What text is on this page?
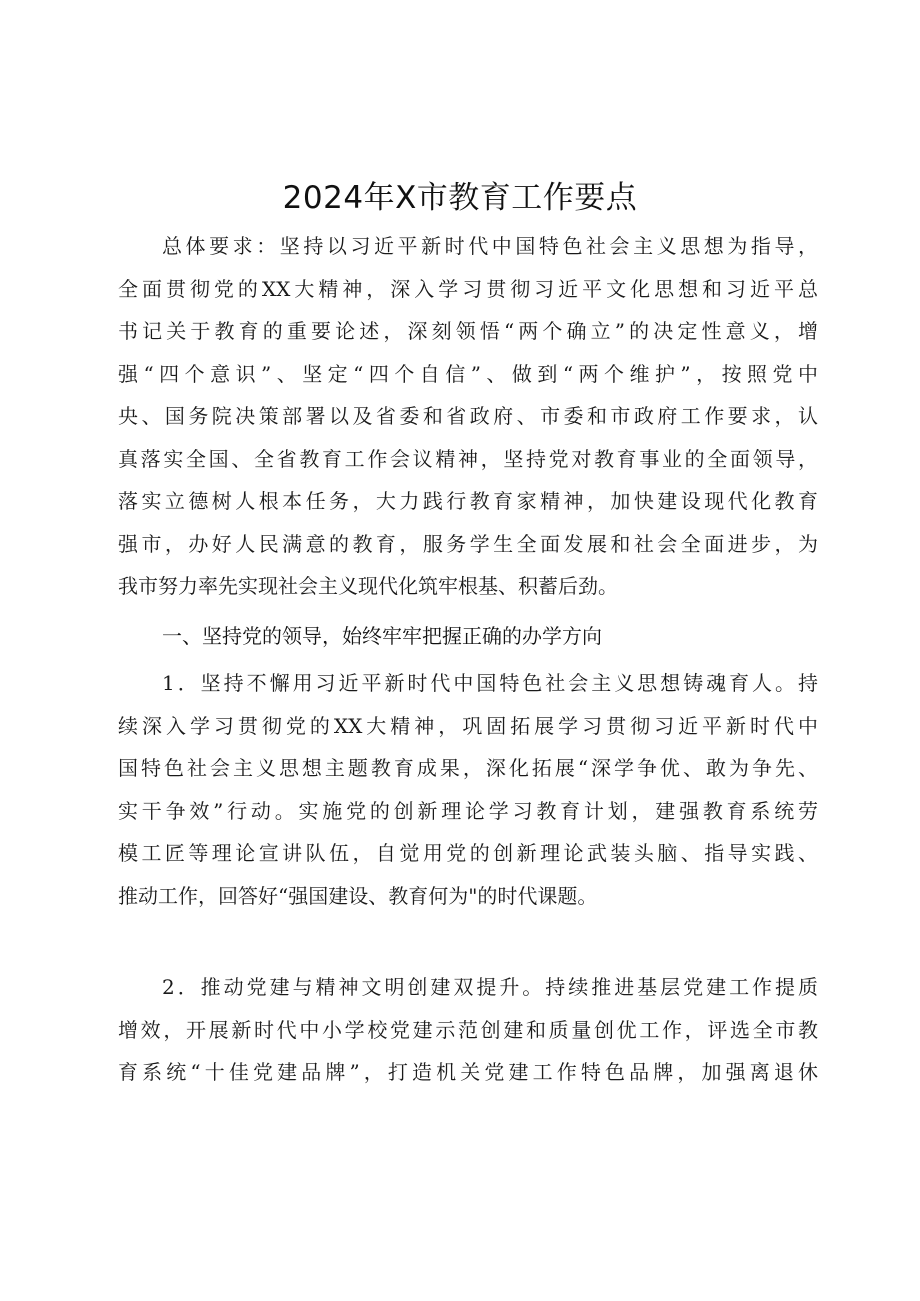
2024年X市教育工作要点
总体要求：坚持以习近平新时代中国特色社会主义思想为指导，
全面贯彻党的XX大精神，深入学习贯彻习近平文化思想和习近平总
书记关于教育的重要论述，深刻领悟“两个确立”的决定性意义，增
强“四个意识”、坚定“四个自信”、做到“两个维护”，按照党中
央、国务院决策部署以及省委和省政府、市委和市政府工作要求，认
真落实全国、全省教育工作会议精神，坚持党对教育事业的全面领导，
落实立德树人根本任务，大力践行教育家精神，加快建设现代化教育
强市，办好人民满意的教育，服务学生全面发展和社会全面进步，为
我市努力率先实现社会主义现代化筑牢根基、积蓄后劲。
一、坚持党的领导，始终牢牢把握正确的办学方向
1．坚持不懈用习近平新时代中国特色社会主义思想铸魂育人。持
续深入学习贯彻党的XX大精神，巩固拓展学习贯彻习近平新时代中
国特色社会主义思想主题教育成果，深化拓展“深学争优、敢为争先、
实干争效”行动。实施党的创新理论学习教育计划，建强教育系统劳
模工匠等理论宣讲队伍，自觉用党的创新理论武装头脑、指导实践、
推动工作，回答好“强国建设、教育何为"的时代课题。
2．推动党建与精神文明创建双提升。持续推进基层党建工作提质
增效，开展新时代中小学校党建示范创建和质量创优工作，评选全市教
育系统“十佳党建品牌”，打造机关党建工作特色品牌，加强离退休
